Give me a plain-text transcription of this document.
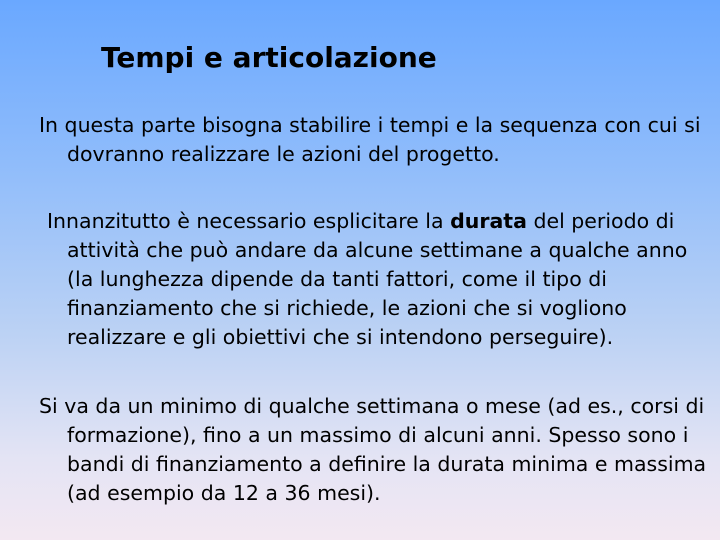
Tempi e articolazione
In questa parte bisogna stabilire i tempi e la sequenza con cui si dovranno realizzare le azioni del progetto.
Innanzitutto è necessario esplicitare la durata del periodo di attività che può andare da alcune settimane a qualche anno (la lunghezza dipende da tanti fattori, come il tipo di finanziamento che si richiede, le azioni che si vogliono realizzare e gli obiettivi che si intendono perseguire).
Si va da un minimo di qualche settimana o mese (ad es., corsi di formazione), fino a un massimo di alcuni anni. Spesso sono i bandi di finanziamento a definire la durata minima e massima (ad esempio da 12 a 36 mesi).
